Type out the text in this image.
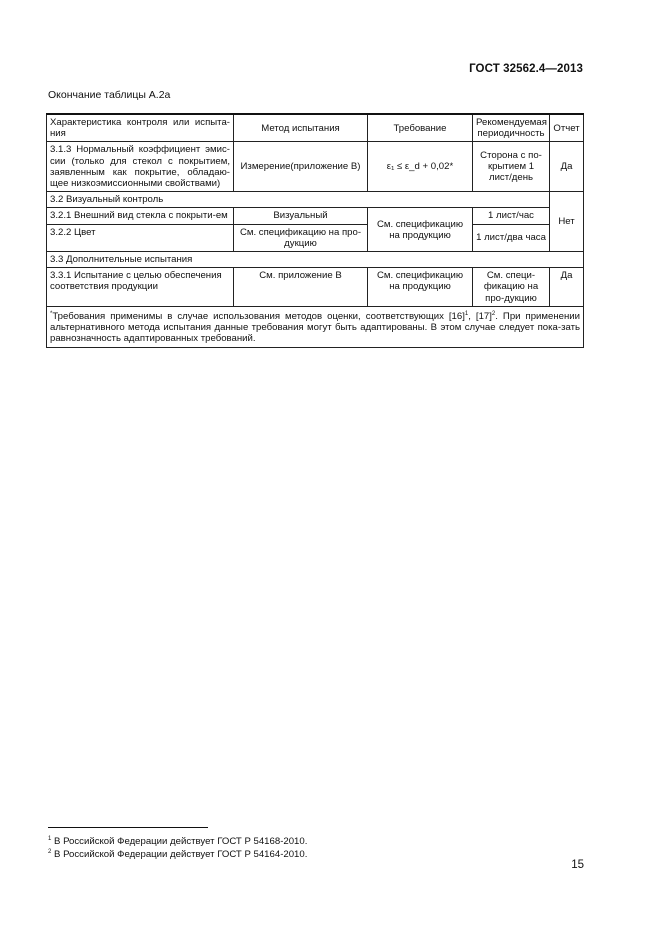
ГОСТ 32562.4—2013
Окончание таблицы А.2а
Характеристика контроля или испыта-ния	Метод испытания	Требование	Рекомендуемая периодичность	Отчет
3.1.3 Нормальный коэффициент эмис-сии (только для стекол с покрытием, заявленным как покрытие, обладаю-щее низкоэмиссионными свойствами)	Измерение(приложение В)	ε₁ ≤ ε_d + 0,02*	Сторона с по-крытием 1 лист/день	Да
3.2 Визуальный контроль				Нет
3.2.1 Внешний вид стекла с покрыти-ем	Визуальный	См. спецификацию на продукцию	1 лист/час	
3.2.2 Цвет	См. спецификацию на про-дукцию		1 лист/два часа	
3.3 Дополнительные испытания				
3.3.1 Испытание с целью обеспечения соответствия продукции	См. приложение В	См. спецификацию на продукцию	См. специ-фикацию на про-дукцию	Да
*Требования применимы в случае использования методов оценки, соответствующих $[16]^1$, $[17]^2$. При применении альтернативного метода испытания данные требования могут быть адаптированы. В этом случае следует пока-зать равнозначность адаптированных требований.				
$^1$ В Российской Федерации действует ГОСТ Р 54168-2010.
$^2$ В Российской Федерации действует ГОСТ Р 54164-2010.
15
